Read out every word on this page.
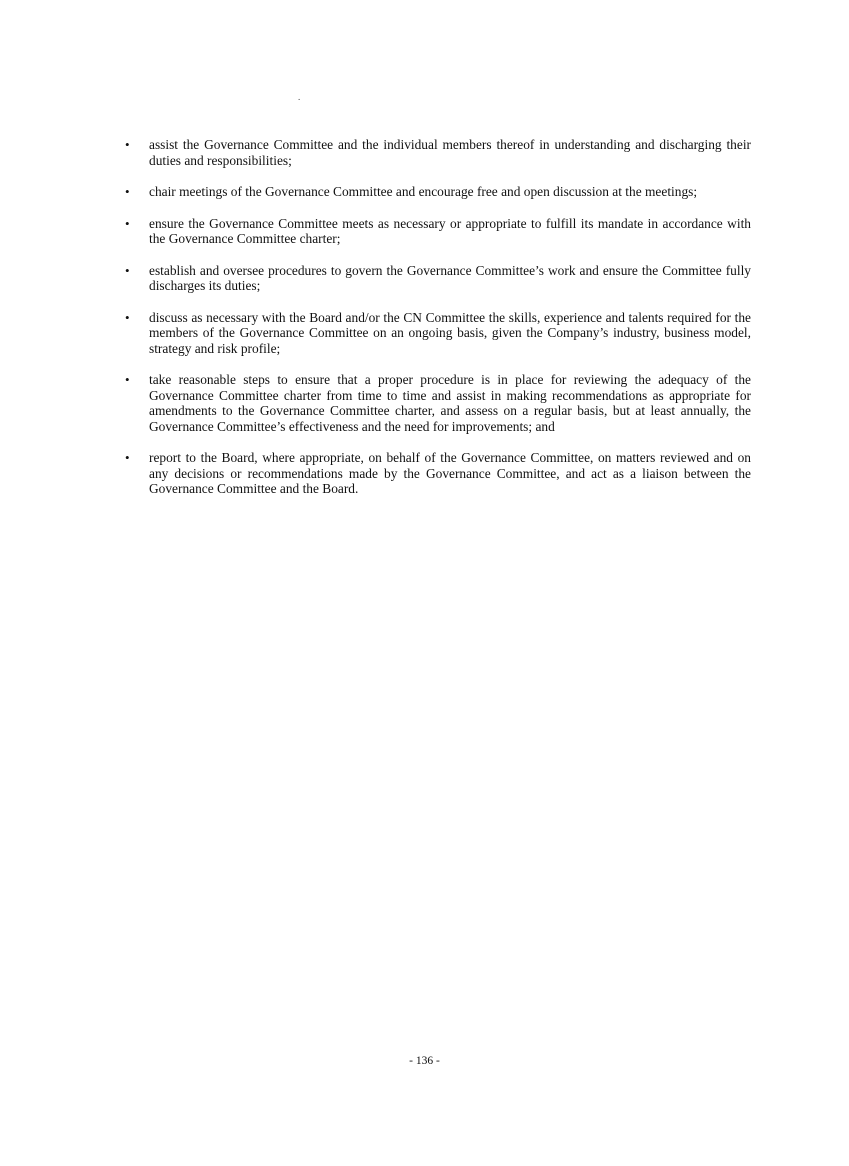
.
• assist the Governance Committee and the individual members thereof in understanding and discharging their duties and responsibilities;
• chair meetings of the Governance Committee and encourage free and open discussion at the meetings;
• ensure the Governance Committee meets as necessary or appropriate to fulfill its mandate in accordance with the Governance Committee charter;
• establish and oversee procedures to govern the Governance Committee’s work and ensure the Committee fully discharges its duties;
• discuss as necessary with the Board and/or the CN Committee the skills, experience and talents required for the members of the Governance Committee on an ongoing basis, given the Company’s industry, business model, strategy and risk profile;
• take reasonable steps to ensure that a proper procedure is in place for reviewing the adequacy of the Governance Committee charter from time to time and assist in making recommendations as appropriate for amendments to the Governance Committee charter, and assess on a regular basis, but at least annually, the Governance Committee’s effectiveness and the need for improvements; and
• report to the Board, where appropriate, on behalf of the Governance Committee, on matters reviewed and on any decisions or recommendations made by the Governance Committee, and act as a liaison between the Governance Committee and the Board.
- 136 -
